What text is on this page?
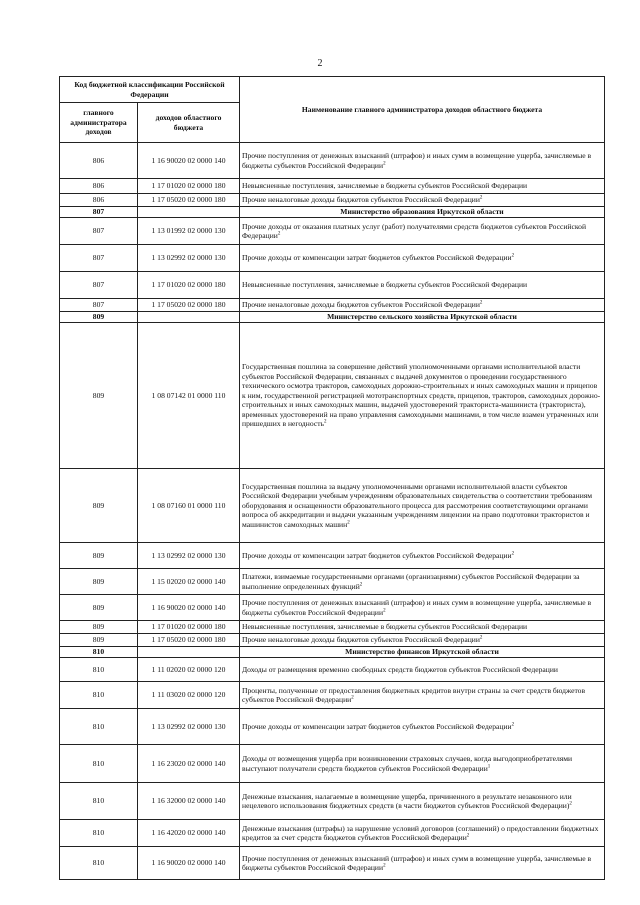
2
Код бюджетной классификации Российской Федерации		Наименование главного администратора доходов областного бюджета
главного администратора доходов	доходов областного бюджета	
806	1 16 90020 02 0000 140	Прочие поступления от денежных взысканий (штрафов) и иных сумм в возмещение ущерба, зачисляемые в бюджеты субъектов Российской Федерации$^2$
806	1 17 01020 02 0000 180	Невыясненные поступления, зачисляемые в бюджеты субъектов Российской Федерации
806	1 17 05020 02 0000 180	Прочие неналоговые доходы бюджетов субъектов Российской Федерации$^2$
807		Министерство образования Иркутской области
807	1 13 01992 02 0000 130	Прочие доходы от оказания платных услуг (работ) получателями средств бюджетов субъектов Российской Федерации$^2$
807	1 13 02992 02 0000 130	Прочие доходы от компенсации затрат бюджетов субъектов Российской Федерации$^2$
807	1 17 01020 02 0000 180	Невыясненные поступления, зачисляемые в бюджеты субъектов Российской Федерации
807	1 17 05020 02 0000 180	Прочие неналоговые доходы бюджетов субъектов Российской Федерации$^2$
809		Министерство сельского хозяйства Иркутской области
809	1 08 07142 01 0000 110	Государственная пошлина за совершение действий уполномоченными органами исполнительной власти субъектов Российской Федерации, связанных с выдачей документов о проведении государственного технического осмотра тракторов, самоходных дорожно-строительных и иных самоходных машин и прицепов к ним, государственной регистрацией мототранспортных средств, прицепов, тракторов, самоходных дорожно-строительных и иных самоходных машин, выдачей удостоверений тракториста-машиниста (тракториста), временных удостоверений на право управления самоходными машинами, в том числе взамен утраченных или пришедших в негодность$^2$
809	1 08 07160 01 0000 110	Государственная пошлина за выдачу уполномоченными органами исполнительной власти субъектов Российской Федерации учебным учреждениям образовательных свидетельства о соответствии требованиям оборудования и оснащенности образовательного процесса для рассмотрения соответствующими органами вопроса об аккредитации и выдачи указанным учреждениям лицензии на право подготовки трактористов и машинистов самоходных машин$^2$
809	1 13 02992 02 0000 130	Прочие доходы от компенсации затрат бюджетов субъектов Российской Федерации$^2$
809	1 15 02020 02 0000 140	Платежи, взимаемые государственными органами (организациями) субъектов Российской Федерации за выполнение определенных функций$^2$
809	1 16 90020 02 0000 140	Прочие поступления от денежных взысканий (штрафов) и иных сумм в возмещение ущерба, зачисляемые в бюджеты субъектов Российской Федерации$^2$
809	1 17 01020 02 0000 180	Невыясненные поступления, зачисляемые в бюджеты субъектов Российской Федерации
809	1 17 05020 02 0000 180	Прочие неналоговые доходы бюджетов субъектов Российской Федерации$^2$
810		Министерство финансов Иркутской области
810	1 11 02020 02 0000 120	Доходы от размещения временно свободных средств бюджетов субъектов Российской Федерации
810	1 11 03020 02 0000 120	Проценты, полученные от предоставления бюджетных кредитов внутри страны за счет средств бюджетов субъектов Российской Федерации$^2$
810	1 13 02992 02 0000 130	Прочие доходы от компенсации затрат бюджетов субъектов Российской Федерации$^2$
810	1 16 23020 02 0000 140	Доходы от возмещения ущерба при возникновении страховых случаев, когда выгодоприобретателями выступают получатели средств бюджетов субъектов Российской Федерации$^1$
810	1 16 32000 02 0000 140	Денежные взыскания, налагаемые в возмещение ущерба, причиненного в результате незаконного или нецелевого использования бюджетных средств (в части бюджетов субъектов Российской Федерации)$^2$
810	1 16 42020 02 0000 140	Денежные взыскания (штрафы) за нарушение условий договоров (соглашений) о предоставлении бюджетных кредитов за счет средств бюджетов субъектов Российской Федерации$^2$
810	1 16 90020 02 0000 140	Прочие поступления от денежных взысканий (штрафов) и иных сумм в возмещение ущерба, зачисляемые в бюджеты субъектов Российской Федерации$^2$
